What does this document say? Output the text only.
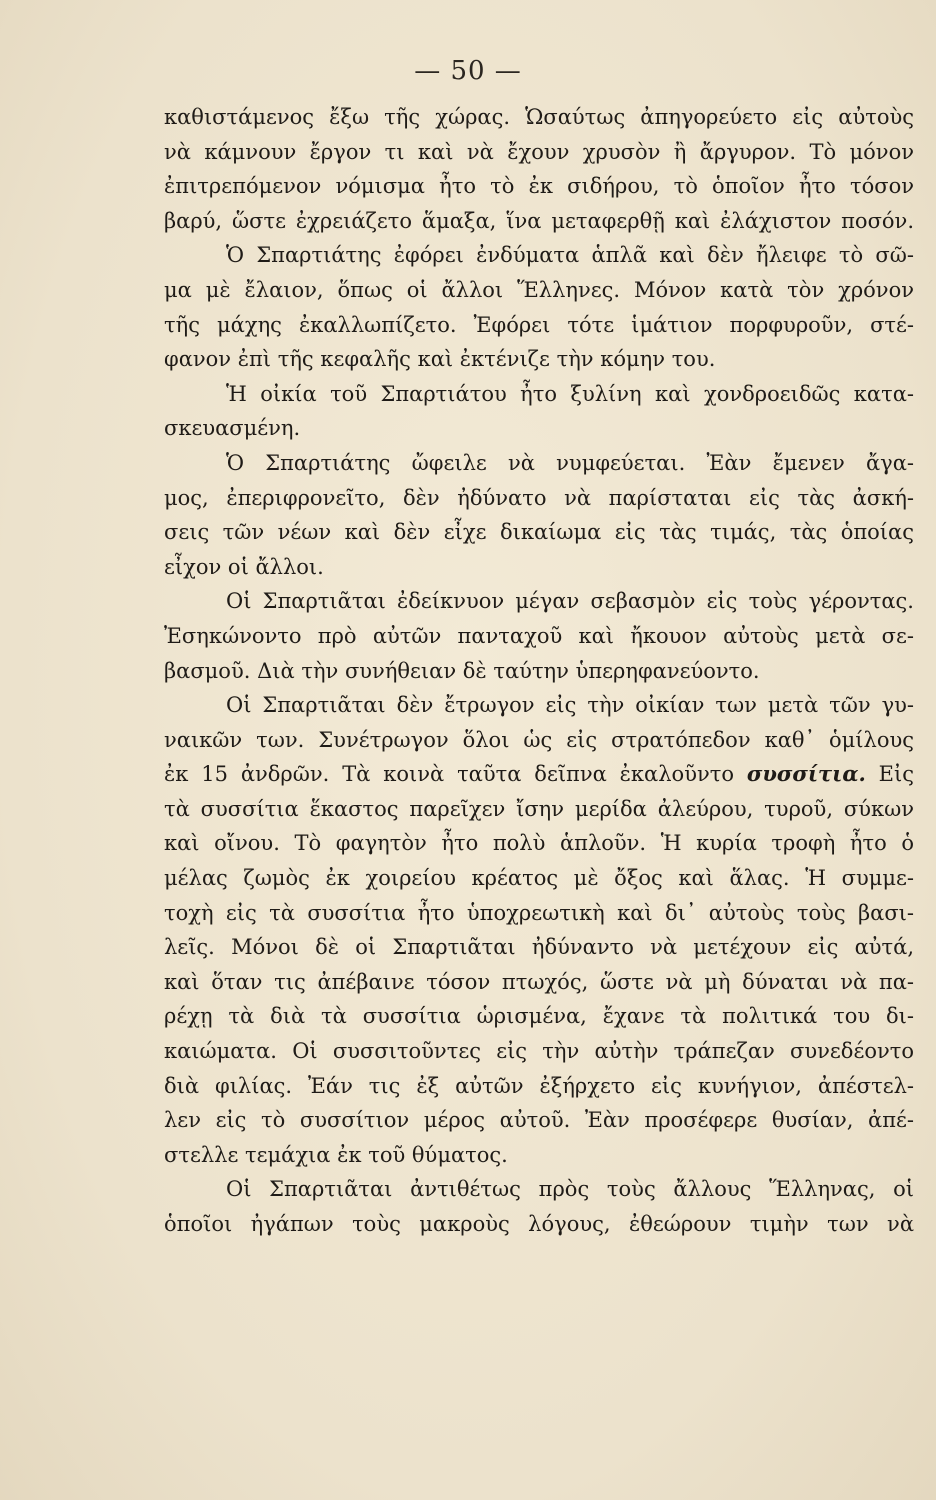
— 50 —
καθιστάμενος ἔξω τῆς χώρας. Ὡσαύτως ἀπηγορεύετο εἰς αὐτοὺς
νὰ κάμνουν ἔργον τι καὶ νὰ ἔχουν χρυσὸν ἢ ἄργυρον. Τὸ μόνον
ἐπιτρεπόμενον νόμισμα ἦτο τὸ ἐκ σιδήρου, τὸ ὁποῖον ἦτο τόσον
βαρύ, ὥστε ἐχρειάζετο ἅμαξα, ἵνα μεταφερθῇ καὶ ἐλάχιστον ποσόν.
Ὁ Σπαρτιάτης ἐφόρει ἐνδύματα ἁπλᾶ καὶ δὲν ἤλειφε τὸ σῶ-
μα μὲ ἔλαιον, ὅπως οἱ ἄλλοι Ἕλληνες. Μόνον κατὰ τὸν χρόνον
τῆς μάχης ἐκαλλωπίζετο. Ἐφόρει τότε ἱμάτιον πορφυροῦν, στέ-
φανον ἐπὶ τῆς κεφαλῆς καὶ ἐκτένιζε τὴν κόμην του.
Ἡ οἰκία τοῦ Σπαρτιάτου ἦτο ξυλίνη καὶ χονδροειδῶς κατα-
σκευασμένη.
Ὁ Σπαρτιάτης ὤφειλε νὰ νυμφεύεται. Ἐὰν ἔμενεν ἄγα-
μος, ἐπεριφρονεῖτο, δὲν ἠδύνατο νὰ παρίσταται εἰς τὰς ἀσκή-
σεις τῶν νέων καὶ δὲν εἶχε δικαίωμα εἰς τὰς τιμάς, τὰς ὁποίας
εἶχον οἱ ἄλλοι.
Οἱ Σπαρτιᾶται ἐδείκνυον μέγαν σεβασμὸν εἰς τοὺς γέροντας.
Ἐσηκώνοντο πρὸ αὐτῶν πανταχοῦ καὶ ἤκουον αὐτοὺς μετὰ σε-
βασμοῦ. Διὰ τὴν συνήθειαν δὲ ταύτην ὑπερηφανεύοντο.
Οἱ Σπαρτιᾶται δὲν ἔτρωγον εἰς τὴν οἰκίαν των μετὰ τῶν γυ-
ναικῶν των. Συνέτρωγον ὅλοι ὡς εἰς στρατόπεδον καθ᾽ ὁμίλους
ἐκ 15 ἀνδρῶν. Τὰ κοινὰ ταῦτα δεῖπνα ἐκαλοῦντο συσσίτια. Εἰς
τὰ συσσίτια ἕκαστος παρεῖχεν ἴσην μερίδα ἀλεύρου, τυροῦ, σύκων
καὶ οἴνου. Τὸ φαγητὸν ἦτο πολὺ ἁπλοῦν. Ἡ κυρία τροφὴ ἦτο ὁ
μέλας ζωμὸς ἐκ χοιρείου κρέατος μὲ ὄξος καὶ ἅλας. Ἡ συμμε-
τοχὴ εἰς τὰ συσσίτια ἦτο ὑποχρεωτικὴ καὶ δι᾽ αὐτοὺς τοὺς βασι-
λεῖς. Μόνοι δὲ οἱ Σπαρτιᾶται ἠδύναντο νὰ μετέχουν εἰς αὐτά,
καὶ ὅταν τις ἀπέβαινε τόσον πτωχός, ὥστε νὰ μὴ δύναται νὰ πα-
ρέχῃ τὰ διὰ τὰ συσσίτια ὡρισμένα, ἔχανε τὰ πολιτικά του δι-
καιώματα. Οἱ συσσιτοῦντες εἰς τὴν αὐτὴν τράπεζαν συνεδέοντο
διὰ φιλίας. Ἐάν τις ἐξ αὐτῶν ἐξήρχετο εἰς κυνήγιον, ἀπέστελ-
λεν εἰς τὸ συσσίτιον μέρος αὐτοῦ. Ἐὰν προσέφερε θυσίαν, ἀπέ-
στελλε τεμάχια ἐκ τοῦ θύματος.
Οἱ Σπαρτιᾶται ἀντιθέτως πρὸς τοὺς ἄλλους Ἕλληνας, οἱ
ὁποῖοι ἠγάπων τοὺς μακροὺς λόγους, ἐθεώρουν τιμὴν των νὰ
